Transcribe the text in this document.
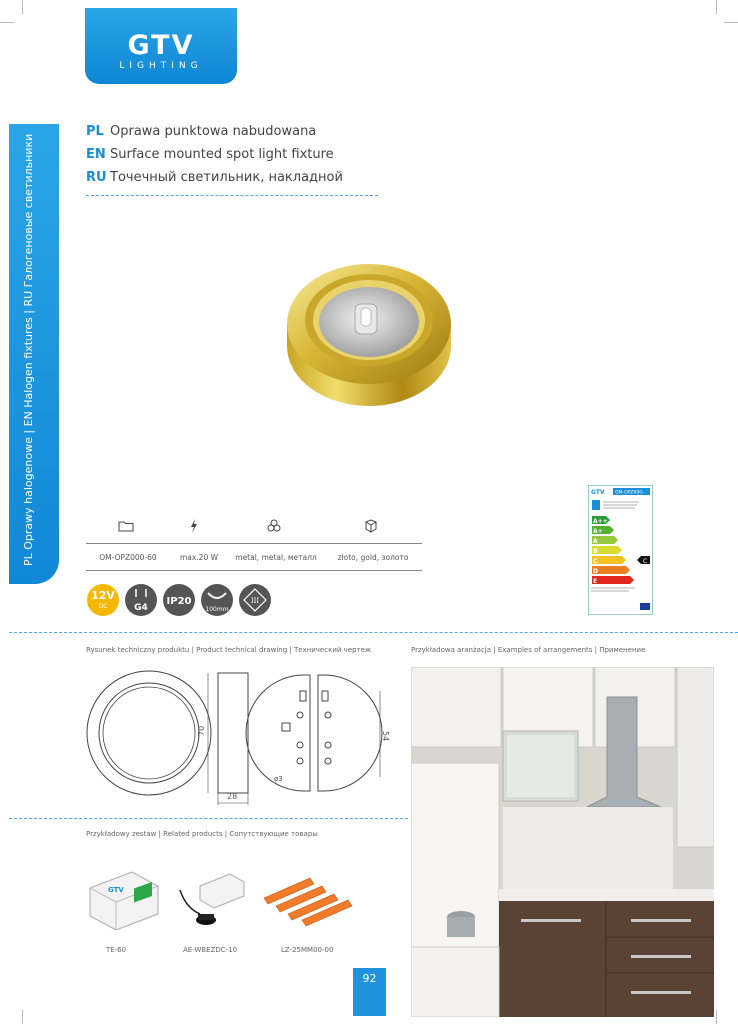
GTV
LIGHTING
PL Oprawy halogenowe | EN Halogen fixtures | RU Галогеновые светильники
PL Oprawa punktowa nabudowana
EN Surface mounted spot light fixture
RU Точечный светильник, накладной
GTV OM-OPZ000-
A++
A+
A
B
C	C
D
E
OM-OPZ000-60	max.20 W	metal, metal, металл	złoto, gold, золото
12V
DC	G4
IP20
100mm
III
Rysunek techniczny produktu | Product technical drawing | Технический чертеж	Przykładowa aranżacja | Examples of arrangements | Применение
70
28
54
ø3
Przykładowy zestaw | Related products | Сопутствующие товары
GTV
TE-60	AE-WBEZDC-10	LZ-25MM00-00
92
